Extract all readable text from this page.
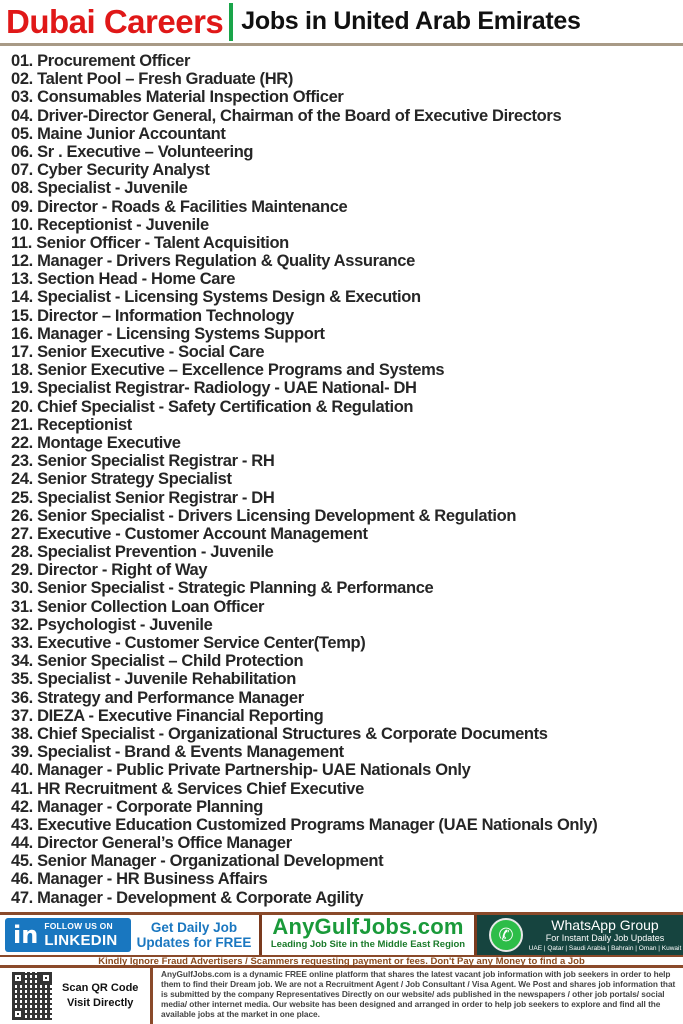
Dubai Careers Jobs in United Arab Emirates
01. Procurement Officer
02. Talent Pool – Fresh Graduate (HR)
03. Consumables Material Inspection Officer
04. Driver-Director General, Chairman of the Board of Executive Directors
05. Maine Junior Accountant
06. Sr . Executive – Volunteering
07. Cyber Security Analyst
08. Specialist - Juvenile
09. Director - Roads & Facilities Maintenance
10. Receptionist - Juvenile
11. Senior Officer - Talent Acquisition
12. Manager - Drivers Regulation & Quality Assurance
13. Section Head - Home Care
14. Specialist - Licensing Systems Design & Execution
15. Director – Information Technology
16. Manager - Licensing Systems Support
17. Senior Executive - Social Care
18. Senior Executive – Excellence Programs and Systems
19. Specialist Registrar- Radiology - UAE National- DH
20. Chief Specialist - Safety Certification & Regulation
21. Receptionist
22. Montage Executive
23. Senior Specialist Registrar - RH
24. Senior Strategy Specialist
25. Specialist Senior Registrar - DH
26. Senior Specialist - Drivers Licensing Development & Regulation
27. Executive - Customer Account Management
28. Specialist Prevention - Juvenile
29. Director - Right of Way
30. Senior Specialist - Strategic Planning & Performance
31. Senior Collection Loan Officer
32. Psychologist - Juvenile
33. Executive - Customer Service Center(Temp)
34. Senior Specialist – Child Protection
35. Specialist - Juvenile Rehabilitation
36. Strategy and Performance Manager
37. DIEZA - Executive Financial Reporting
38. Chief Specialist - Organizational Structures & Corporate Documents
39. Specialist - Brand & Events Management
40. Manager - Public Private Partnership- UAE Nationals Only
41. HR Recruitment & Services Chief Executive
42. Manager - Corporate Planning
43. Executive Education Customized Programs Manager (UAE Nationals Only)
44. Director General’s Office Manager
45. Senior Manager - Organizational Development
46. Manager - HR Business Affairs
47. Manager - Development & Corporate Agility
in FOLLOW US ON
LINKEDIN
Get Daily Job
Updates for FREE
AnyGulfJobs.com
Leading Job Site in the Middle East Region	✆	WhatsApp Group
For Instant Daily Job Updates
UAE | Qatar | Saudi Arabia | Bahrain | Oman | Kuwait
Kindly Ignore Fraud Advertisers / Scammers requesting payment or fees. Don't Pay any Money to find a Job
Scan QR Code
Visit Directly
AnyGulfJobs.com is a dynamic FREE online platform that shares the latest vacant job information with job seekers in order to help them to find their Dream job. We are not a Recruitment Agent / Job Consultant / Visa Agent. We Post and shares job information that is submitted by the company Representatives Directly on our website/ ads published in the newspapers / other job portals/ social media/ other internet media. Our website has been designed and arranged in order to help job seekers to explore and find all the available jobs at the market in one place.
